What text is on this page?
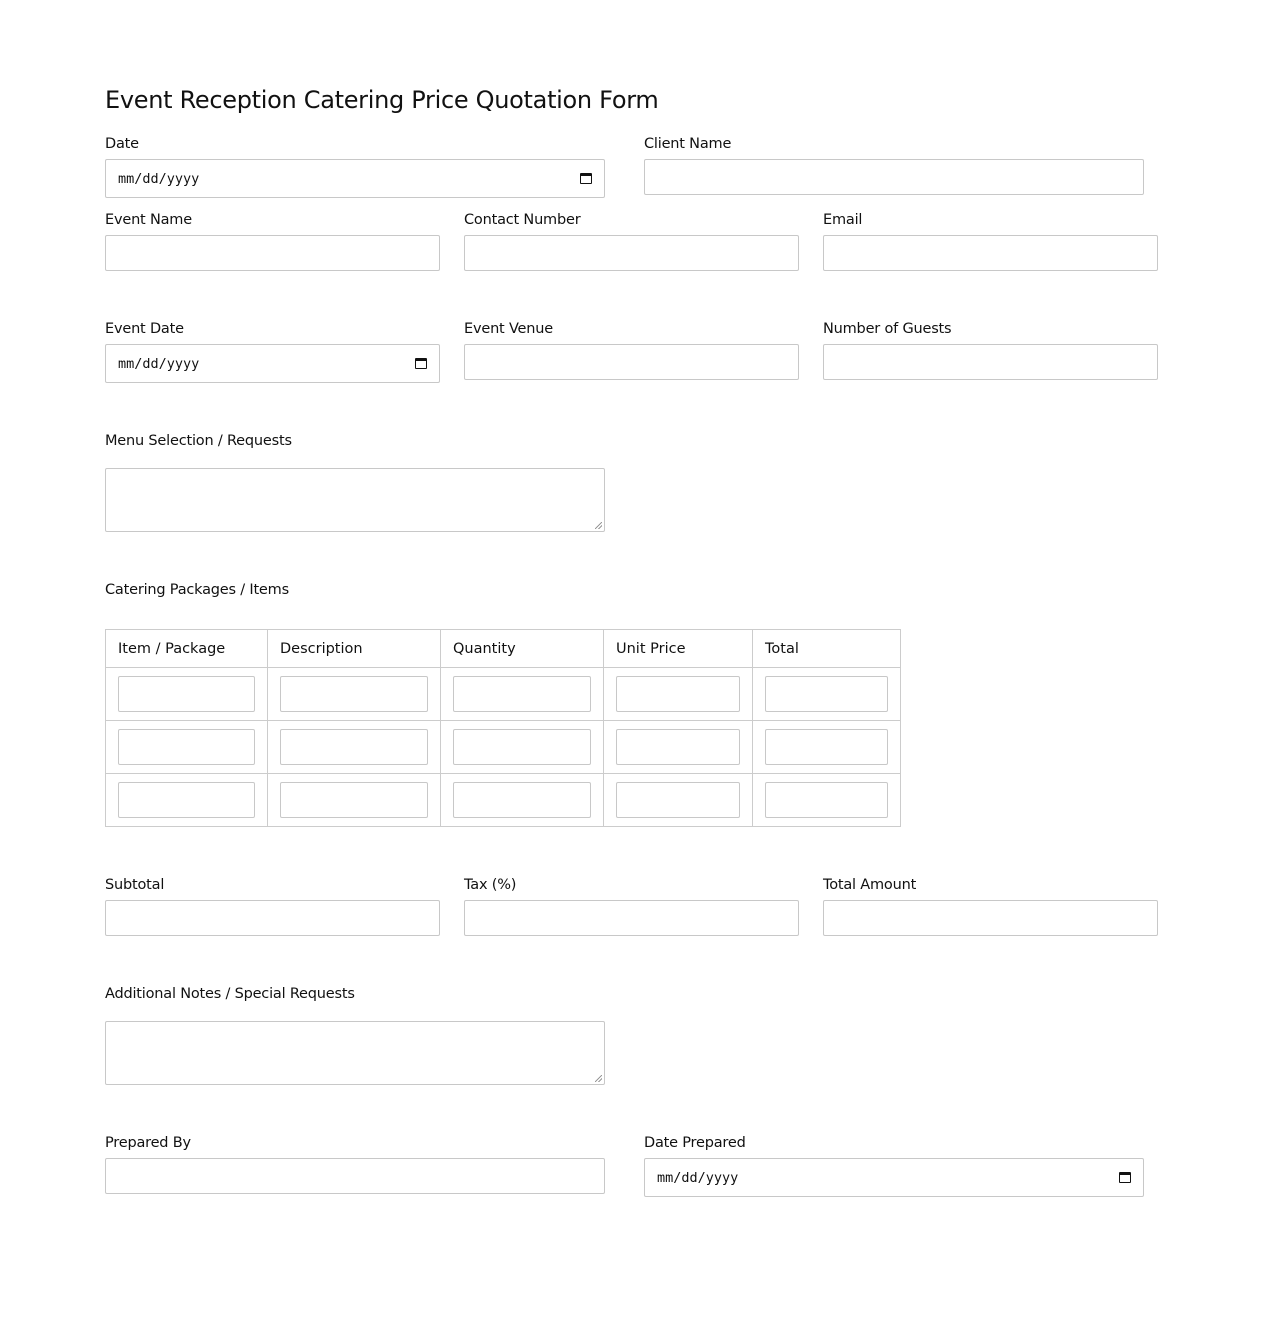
Event Reception Catering Price Quotation Form
Date
mm/dd/yyyy
Client Name
Event Name	Contact Number	Email
Event Date
mm/dd/yyyy
Event Venue	Number of Guests
Menu Selection / Requests
Catering Packages / Items
Item / Package	Description	Quantity	Unit Price	Total

Subtotal	Tax (%)	Total Amount
Additional Notes / Special Requests
Prepared By	Date Prepared
mm/dd/yyyy
